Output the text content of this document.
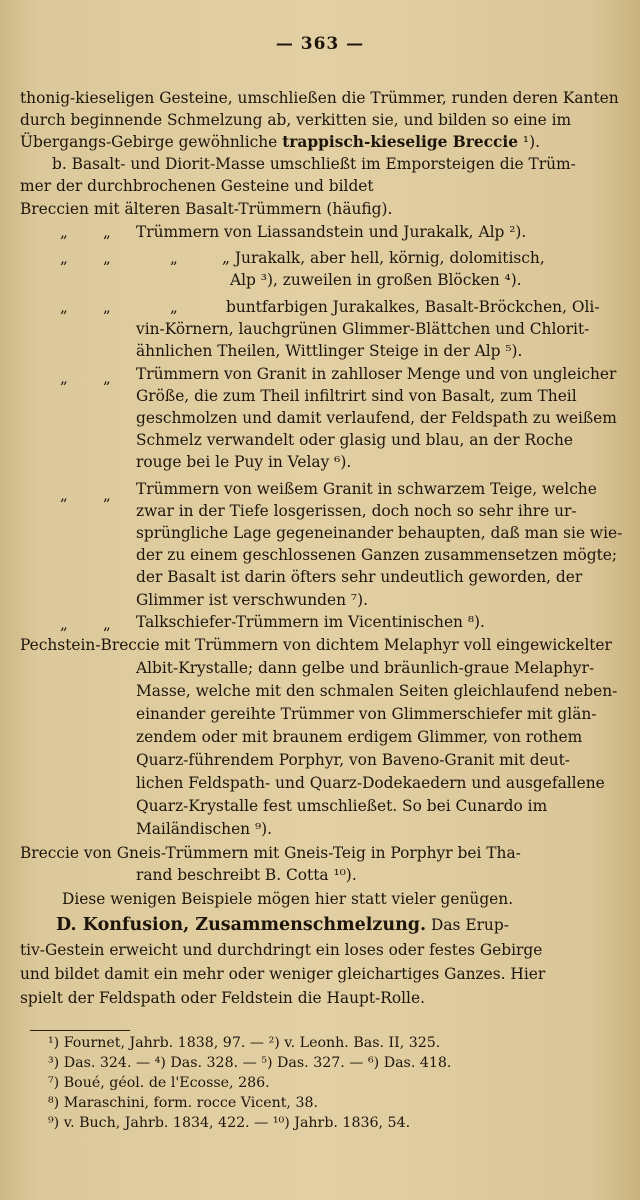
— 363 —
thonig-kieseligen Gesteine, umschließen die Trümmer, runden deren Kanten
durch beginnende Schmelzung ab, verkitten sie, und bilden so eine im
Übergangs-Gebirge gewöhnliche trappisch-kieselige Breccie ¹).
b. Basalt- und Diorit-Masse umschließt im Emporsteigen die Trüm-
mer der durchbrochenen Gesteine und bildet
Breccien mit älteren Basalt-Trümmern (häufig).
„ „ Trümmern von Liassandstein und Jurakalk, Alp ²).
„ „	„	„ Jurakalk, aber hell, körnig, dolomitisch,
Alp ³), zuweilen in großen Blöcken ⁴).
„ „	„	buntfarbigen Jurakalkes, Basalt-Bröckchen, Oli-
vin-Körnern, lauchgrünen Glimmer-Blättchen und Chlorit-
ähnlichen Theilen, Wittlinger Steige in der Alp ⁵).
„ „ Trümmern von Granit in zahlloser Menge und von ungleicher
Größe, die zum Theil infiltrirt sind von Basalt, zum Theil
geschmolzen und damit verlaufend, der Feldspath zu weißem
Schmelz verwandelt oder glasig und blau, an der Roche
rouge bei le Puy in Velay ⁶).
„ „ Trümmern von weißem Granit in schwarzem Teige, welche
zwar in der Tiefe losgerissen, doch noch so sehr ihre ur-
sprüngliche Lage gegeneinander behaupten, daß man sie wie-
der zu einem geschlossenen Ganzen zusammensetzen mögte;
der Basalt ist darin öfters sehr undeutlich geworden, der
Glimmer ist verschwunden ⁷).
„ „ Talkschiefer-Trümmern im Vicentinischen ⁸).
Pechstein-Breccie mit Trümmern von dichtem Melaphyr voll eingewickelter
Albit-Krystalle; dann gelbe und bräunlich-graue Melaphyr-
Masse, welche mit den schmalen Seiten gleichlaufend neben-
einander gereihte Trümmer von Glimmerschiefer mit glän-
zendem oder mit braunem erdigem Glimmer, von rothem
Quarz-führendem Porphyr, von Baveno-Granit mit deut-
lichen Feldspath- und Quarz-Dodekaedern und ausgefallene
Quarz-Krystalle fest umschließet. So bei Cunardo im
Mailändischen ⁹).
Breccie von Gneis-Trümmern mit Gneis-Teig in Porphyr bei Tha-
rand beschreibt B. Cotta ¹⁰).
Diese wenigen Beispiele mögen hier statt vieler genügen.
D. Konfusion, Zusammenschmelzung. Das Erup-
tiv-Gestein erweicht und durchdringt ein loses oder festes Gebirge
und bildet damit ein mehr oder weniger gleichartiges Ganzes. Hier
spielt der Feldspath oder Feldstein die Haupt-Rolle.
¹) Fournet, Jahrb. 1838, 97. — ²) v. Leonh. Bas. II, 325.
³) Das. 324. — ⁴) Das. 328. — ⁵) Das. 327. — ⁶) Das. 418.
⁷) Boué, géol. de l'Ecosse, 286.
⁸) Maraschini, form. rocce Vicent, 38.
⁹) v. Buch, Jahrb. 1834, 422. — ¹⁰) Jahrb. 1836, 54.
